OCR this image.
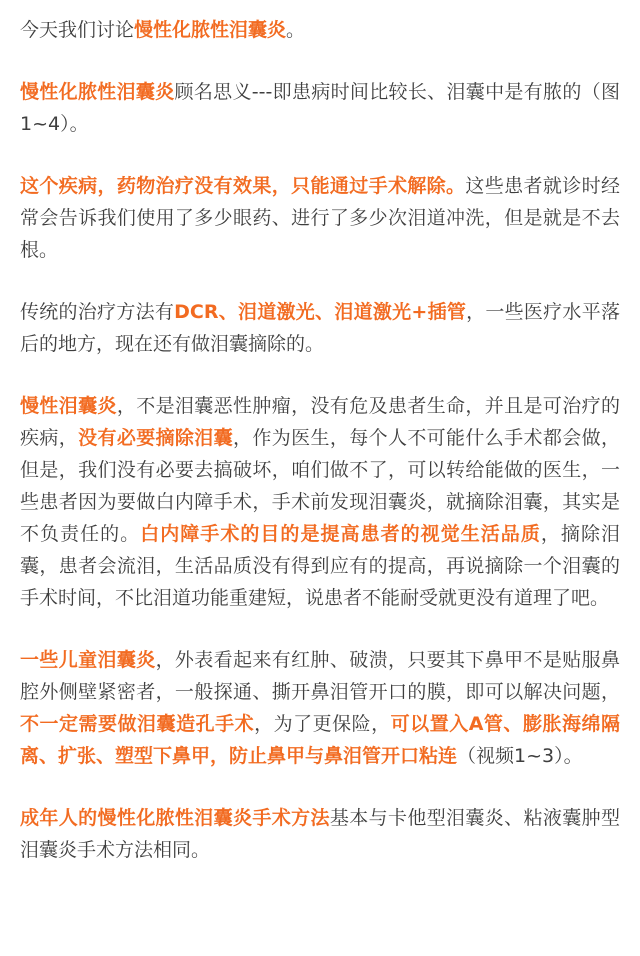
今天我们讨论慢性化脓性泪囊炎。

慢性化脓性泪囊炎顾名思义---即患病时间比较长、泪囊中是有脓的（图1~4）。

这个疾病，药物治疗没有效果，只能通过手术解除。这些患者就诊时经常会告诉我们使用了多少眼药、进行了多少次泪道冲洗，但是就是不去根。

传统的治疗方法有DCR、泪道激光、泪道激光+插管，一些医疗水平落后的地方，现在还有做泪囊摘除的。

慢性泪囊炎，不是泪囊恶性肿瘤，没有危及患者生命，并且是可治疗的疾病，没有必要摘除泪囊，作为医生，每个人不可能什么手术都会做，但是，我们没有必要去搞破坏，咱们做不了，可以转给能做的医生，一些患者因为要做白内障手术，手术前发现泪囊炎，就摘除泪囊，其实是不负责任的。白内障手术的目的是提高患者的视觉生活品质，摘除泪囊，患者会流泪，生活品质没有得到应有的提高，再说摘除一个泪囊的手术时间，不比泪道功能重建短，说患者不能耐受就更没有道理了吧。

一些儿童泪囊炎，外表看起来有红肿、破溃，只要其下鼻甲不是贴服鼻腔外侧壁紧密者，一般探通、撕开鼻泪管开口的膜，即可以解决问题，不一定需要做泪囊造孔手术，为了更保险，可以置入A管、膨胀海绵隔离、扩张、塑型下鼻甲，防止鼻甲与鼻泪管开口粘连（视频1~3）。

成年人的慢性化脓性泪囊炎手术方法基本与卡他型泪囊炎、粘液囊肿型泪囊炎手术方法相同。
